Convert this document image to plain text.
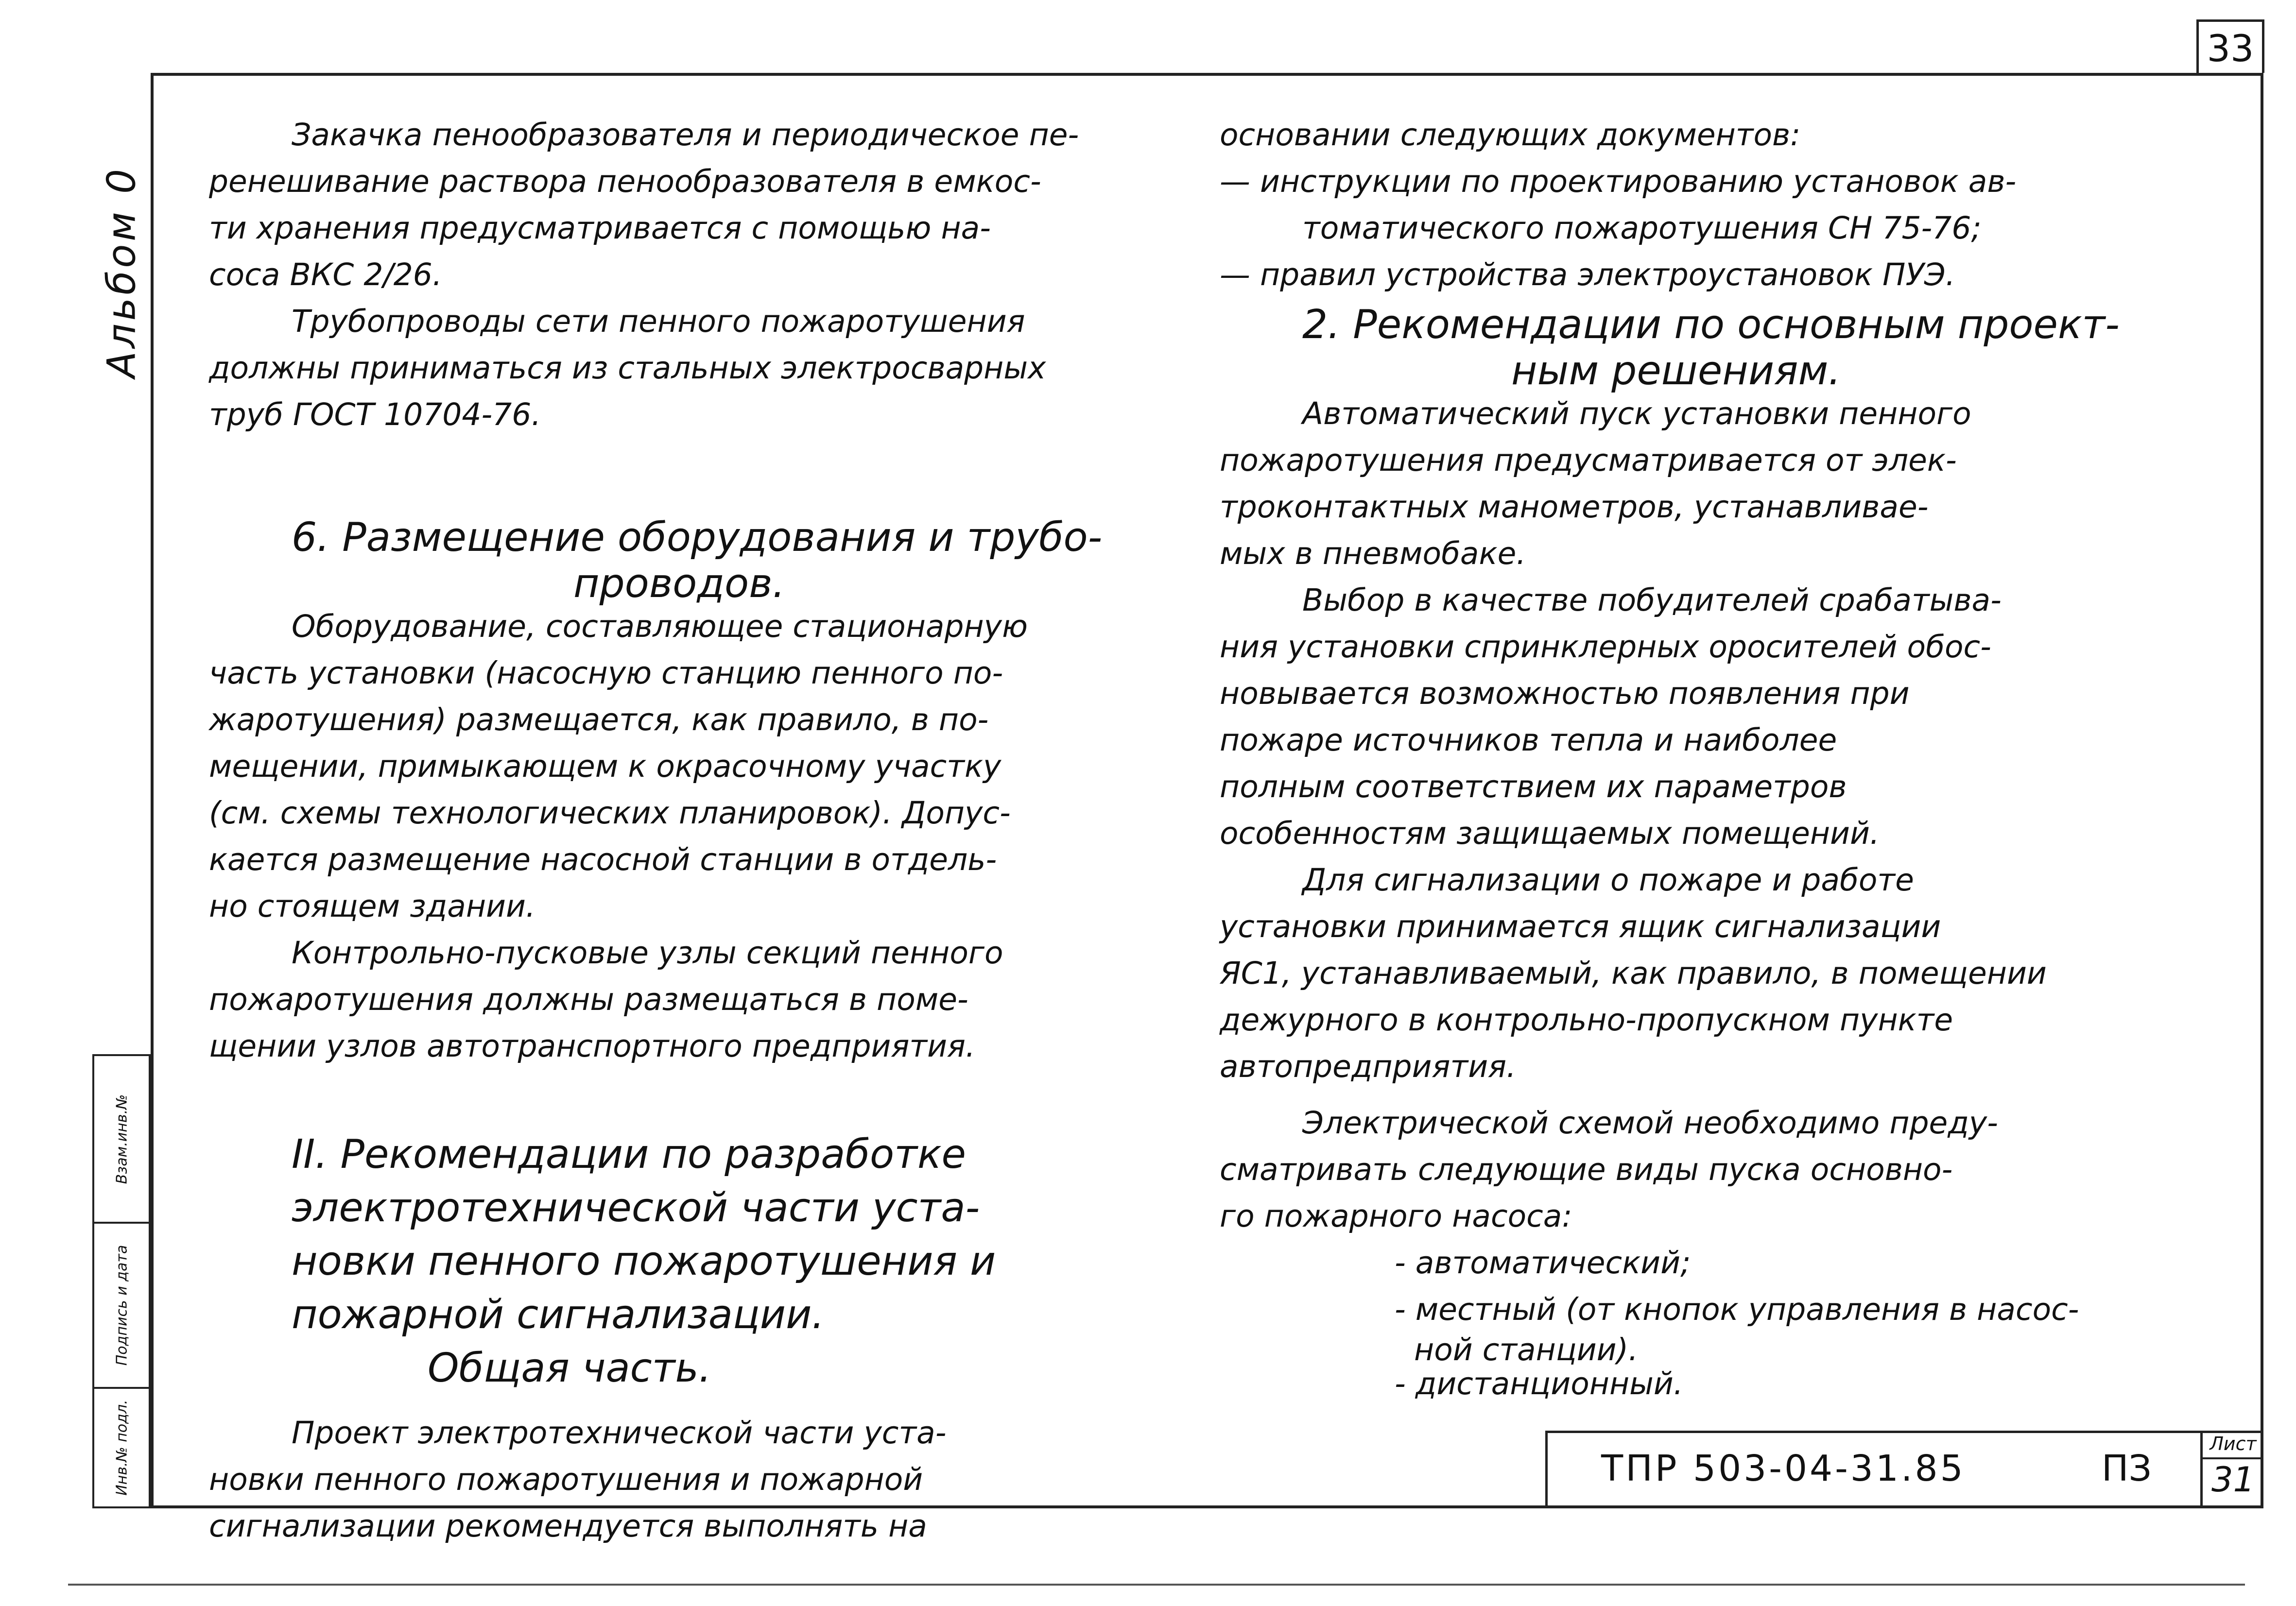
33
Альбом 0
Взам.инв.№
Подпись и дата
Инв.№ подл.

Закачка пенообразователя и периодическое пе-

ренешивание раствора пенообразователя в емкос-

ти хранения предусматривается с помощью на-

coca ВКС 2/26.

Трубопроводы сети пенного пожаротушения

должны приниматься из стальных электросварных

труб ГОСТ 10704-76.

6. Размещение оборудования и трубо-

проводов.

Оборудование, составляющее стационарную

часть установки (насосную станцию пенного по-

жаротушения) размещается, как правило, в по-

мещении, примыкающем к окрасочному участку

(см. схемы технологических планировок). Допус-

кается размещение насосной станции в отдель-

но стоящем здании.

Контрольно-пусковые узлы секций пенного

пожаротушения должны размещаться в поме-

щении узлов автотранспортного предприятия.

II. Рекомендации по разработке

электротехнической части уста-

новки пенного пожаротушения и

пожарной сигнализации.

Общая часть.

Проект электротехнической части уста-

новки пенного пожаротушения и пожарной

сигнализации рекомендуется выполнять на

основании следующих документов:

— инструкции по проектированию установок ав-

томатического пожаротушения СН 75-76;

— правил устройства электроустановок ПУЭ.

2. Рекомендации по основным проект-

ным решениям.

Автоматический пуск установки пенного

пожаротушения предусматривается от элек-

троконтактных манометров, устанавливае-

мых в пневмобаке.

Выбор в качестве побудителей срабатыва-

ния установки спринклерных оросителей обос-

новывается возможностью появления при

пожаре источников тепла и наиболее

полным соответствием их параметров

особенностям защищаемых помещений.

Для сигнализации о пожаре и работе

установки принимается ящик сигнализации

ЯС1, устанавливаемый, как правило, в помещении

дежурного в контрольно-пропускном пункте

автопредприятия.

Электрической схемой необходимо преду-

сматривать следующие виды пуска основно-

го пожарного насоса:

- автоматический;

- местный (от кнопок управления в насос-

ной станции).

- дистанционный.

ТПР 503-04-31.85	ПЗ
Лист
31
